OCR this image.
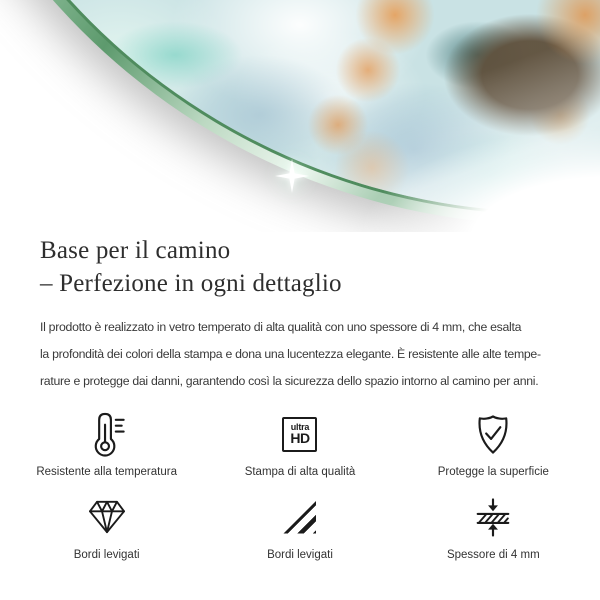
Base per il camino
– Perfezione in ogni dettaglio

Il prodotto è realizzato in vetro temperato di alta qualità con uno spessore di 4 mm, che esalta
la profondità dei colori della stampa e dona una lucentezza elegante. È resistente alle alte tempe-
rature e protegge dai danni, garantendo così la sicurezza dello spazio intorno al camino per anni.

Resistente alla temperatura
ultra
HD
Stampa di alta qualità	Protegge la superficie
Bordi levigati	Bordi levigati	Spessore di 4 mm
